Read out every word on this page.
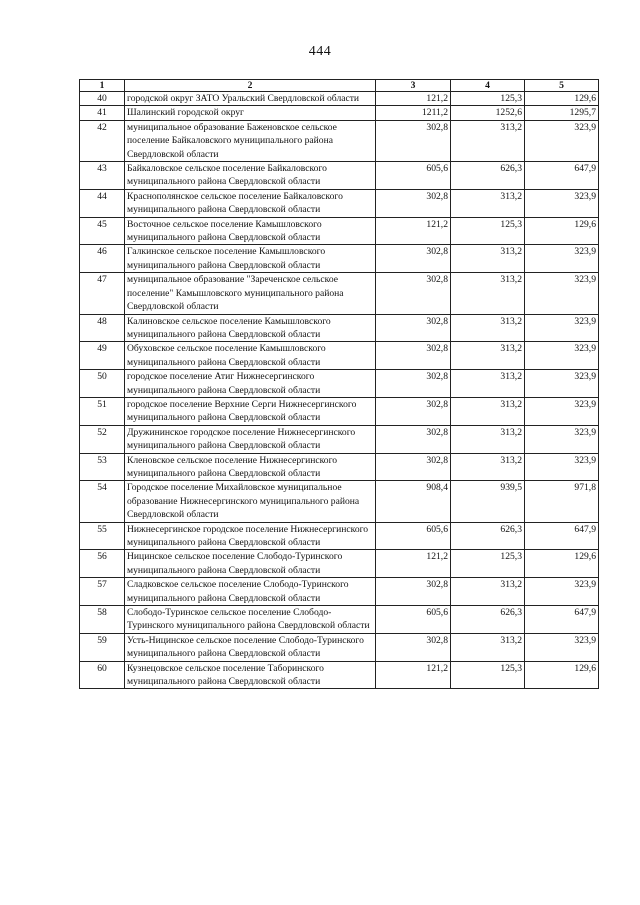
444
1	2	3	4	5
40	городской округ ЗАТО Уральский Свердловской области	121,2	125,3	129,6
41	Шалинский городской округ	1211,2	1252,6	1295,7
42	муниципальное образование Баженовское сельское поселение Байкаловского муниципального района Свердловской области	302,8	313,2	323,9
43	Байкаловское сельское поселение Байкаловского муниципального района Свердловской области	605,6	626,3	647,9
44	Краснополянское сельское поселение Байкаловского муниципального района Свердловской области	302,8	313,2	323,9
45	Восточное сельское поселение Камышловского муниципального района Свердловской области	121,2	125,3	129,6
46	Галкинское сельское поселение Камышловского муниципального района Свердловской области	302,8	313,2	323,9
47	муниципальное образование "Зареченское сельское поселение" Камышловского муниципального района Свердловской области	302,8	313,2	323,9
48	Калиновское сельское поселение Камышловского муниципального района Свердловской области	302,8	313,2	323,9
49	Обуховское сельское поселение Камышловского муниципального района Свердловской области	302,8	313,2	323,9
50	городское поселение Атиг Нижнесергинского муниципального района Свердловской области	302,8	313,2	323,9
51	городское поселение Верхние Серги Нижнесергинского муниципального района Свердловской области	302,8	313,2	323,9
52	Дружининское городское поселение Нижнесергинского муниципального района Свердловской области	302,8	313,2	323,9
53	Кленовское сельское поселение Нижнесергинского муниципального района Свердловской области	302,8	313,2	323,9
54	Городское поселение Михайловское муниципальное образование Нижнесергинского муниципального района Свердловской области	908,4	939,5	971,8
55	Нижнесергинское городское поселение Нижнесергинского муниципального района Свердловской области	605,6	626,3	647,9
56	Ницинское сельское поселение Слободо-Туринского муниципального района Свердловской области	121,2	125,3	129,6
57	Сладковское сельское поселение Слободо-Туринского муниципального района Свердловской области	302,8	313,2	323,9
58	Слободо-Туринское сельское поселение Слободо-Туринского муниципального района Свердловской области	605,6	626,3	647,9
59	Усть-Ницинское сельское поселение Слободо-Туринского муниципального района Свердловской области	302,8	313,2	323,9
60	Кузнецовское сельское поселение Таборинского муниципального района Свердловской области	121,2	125,3	129,6
